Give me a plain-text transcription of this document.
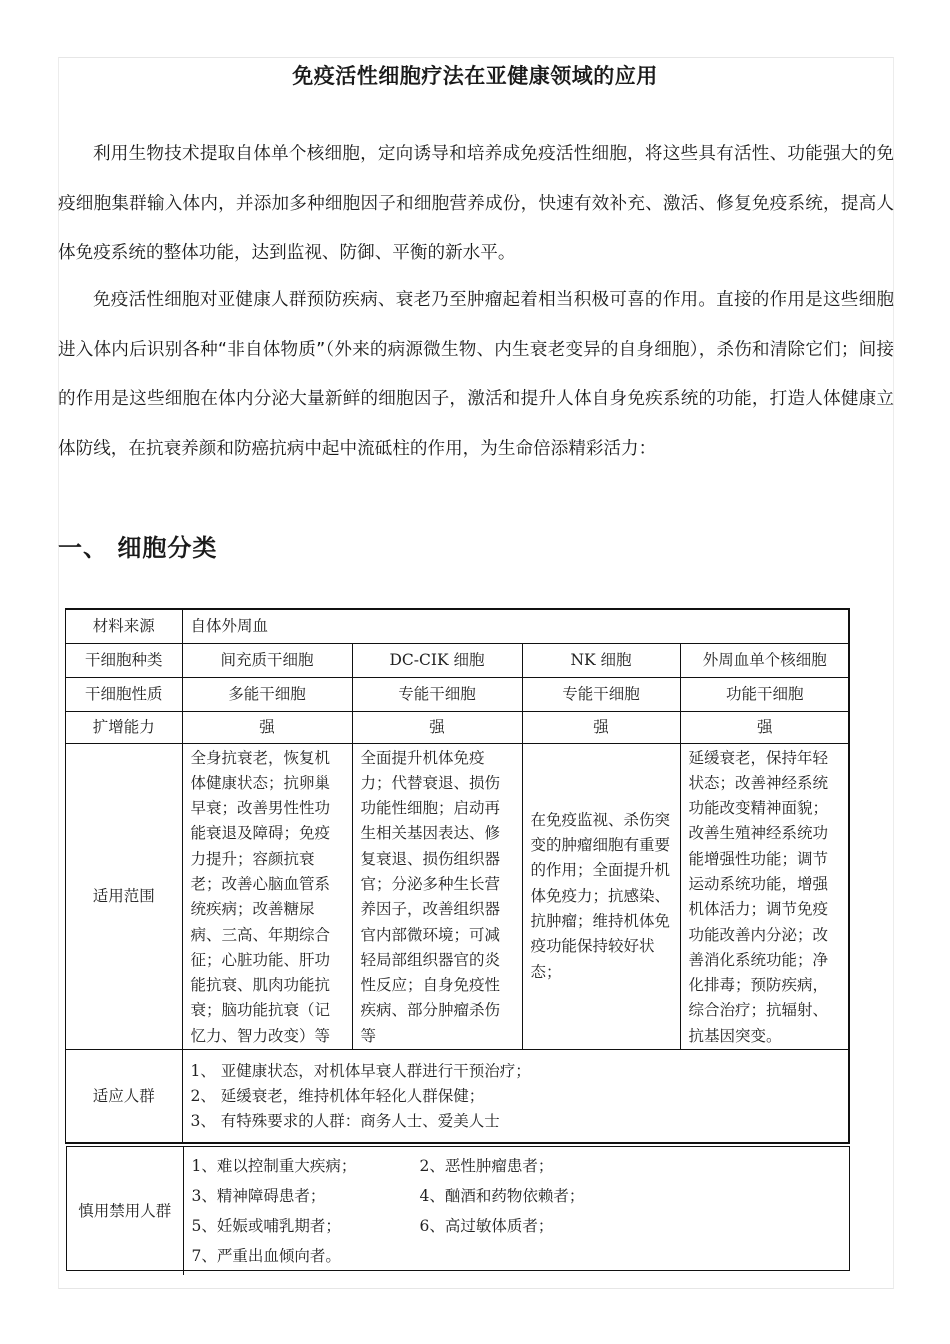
免疫活性细胞疗法在亚健康领域的应用

利用生物技术提取自体单个核细胞，定向诱导和培养成免疫活性细胞，将这些具有活性、功能强大的免疫细胞集群输入体内，并添加多种细胞因子和细胞营养成份，快速有效补充、激活、修复免疫系统，提高人体免疫系统的整体功能，达到监视、防御、平衡的新水平。

免疫活性细胞对亚健康人群预防疾病、衰老乃至肿瘤起着相当积极可喜的作用。直接的作用是这些细胞进入体内后识别各种“非自体物质”（外来的病源微生物、内生衰老变异的自身细胞），杀伤和清除它们；间接的作用是这些细胞在体内分泌大量新鲜的细胞因子，激活和提升人体自身免疾系统的功能，打造人体健康立体防线，在抗衰养颜和防癌抗病中起中流砥柱的作用，为生命倍添精彩活力：

一、 细胞分类
材料来源	自体外周血			
干细胞种类	间充质干细胞	DC-CIK 细胞	NK 细胞	外周血单个核细胞
干细胞性质	多能干细胞	专能干细胞	专能干细胞	功能干细胞
扩增能力	强	强	强	强
适用范围	全身抗衰老，恢复机体健康状态；抗卵巢早衰；改善男性性功能衰退及障碍；免疫力提升；容颜抗衰老；改善心脑血管系统疾病；改善糖尿病、三高、年期综合征；心脏功能、肝功能抗衰、肌肉功能抗衰；脑功能抗衰（记忆力、智力改变）等	全面提升机体免疫力；代替衰退、损伤功能性细胞；启动再生相关基因表达、修复衰退、损伤组织器官；分泌多种生长营养因子，改善组织器官内部微环境；可减轻局部组织器官的炎性反应；自身免疫性疾病、部分肿瘤杀伤等	在免疫监视、杀伤突变的肿瘤细胞有重要的作用；全面提升机体免疫力；抗感染、抗肿瘤；维持机体免疫功能保持较好状态；	延缓衰老，保持年轻状态；改善神经系统功能改变精神面貌；改善生殖神经系统功能增强性功能；调节运动系统功能，增强机体活力；调节免疫功能改善内分泌；改善消化系统功能；净化排毒；预防疾病，综合治疗；抗辐射、抗基因突变。
适应人群	1、 亚健康状态，对机体早衰人群进行干预治疗；
2、 延缓衰老，维持机体年轻化人群保健；
3、 有特殊要求的人群：商务人士、爱美人士			
慎用禁用人群	
1、难以控制重大疾病；	2、恶性肿瘤患者；
3、精神障碍患者；	4、酗酒和药物依赖者；
5、妊娠或哺乳期者；	6、高过敏体质者；
7、严重出血倾向者。
